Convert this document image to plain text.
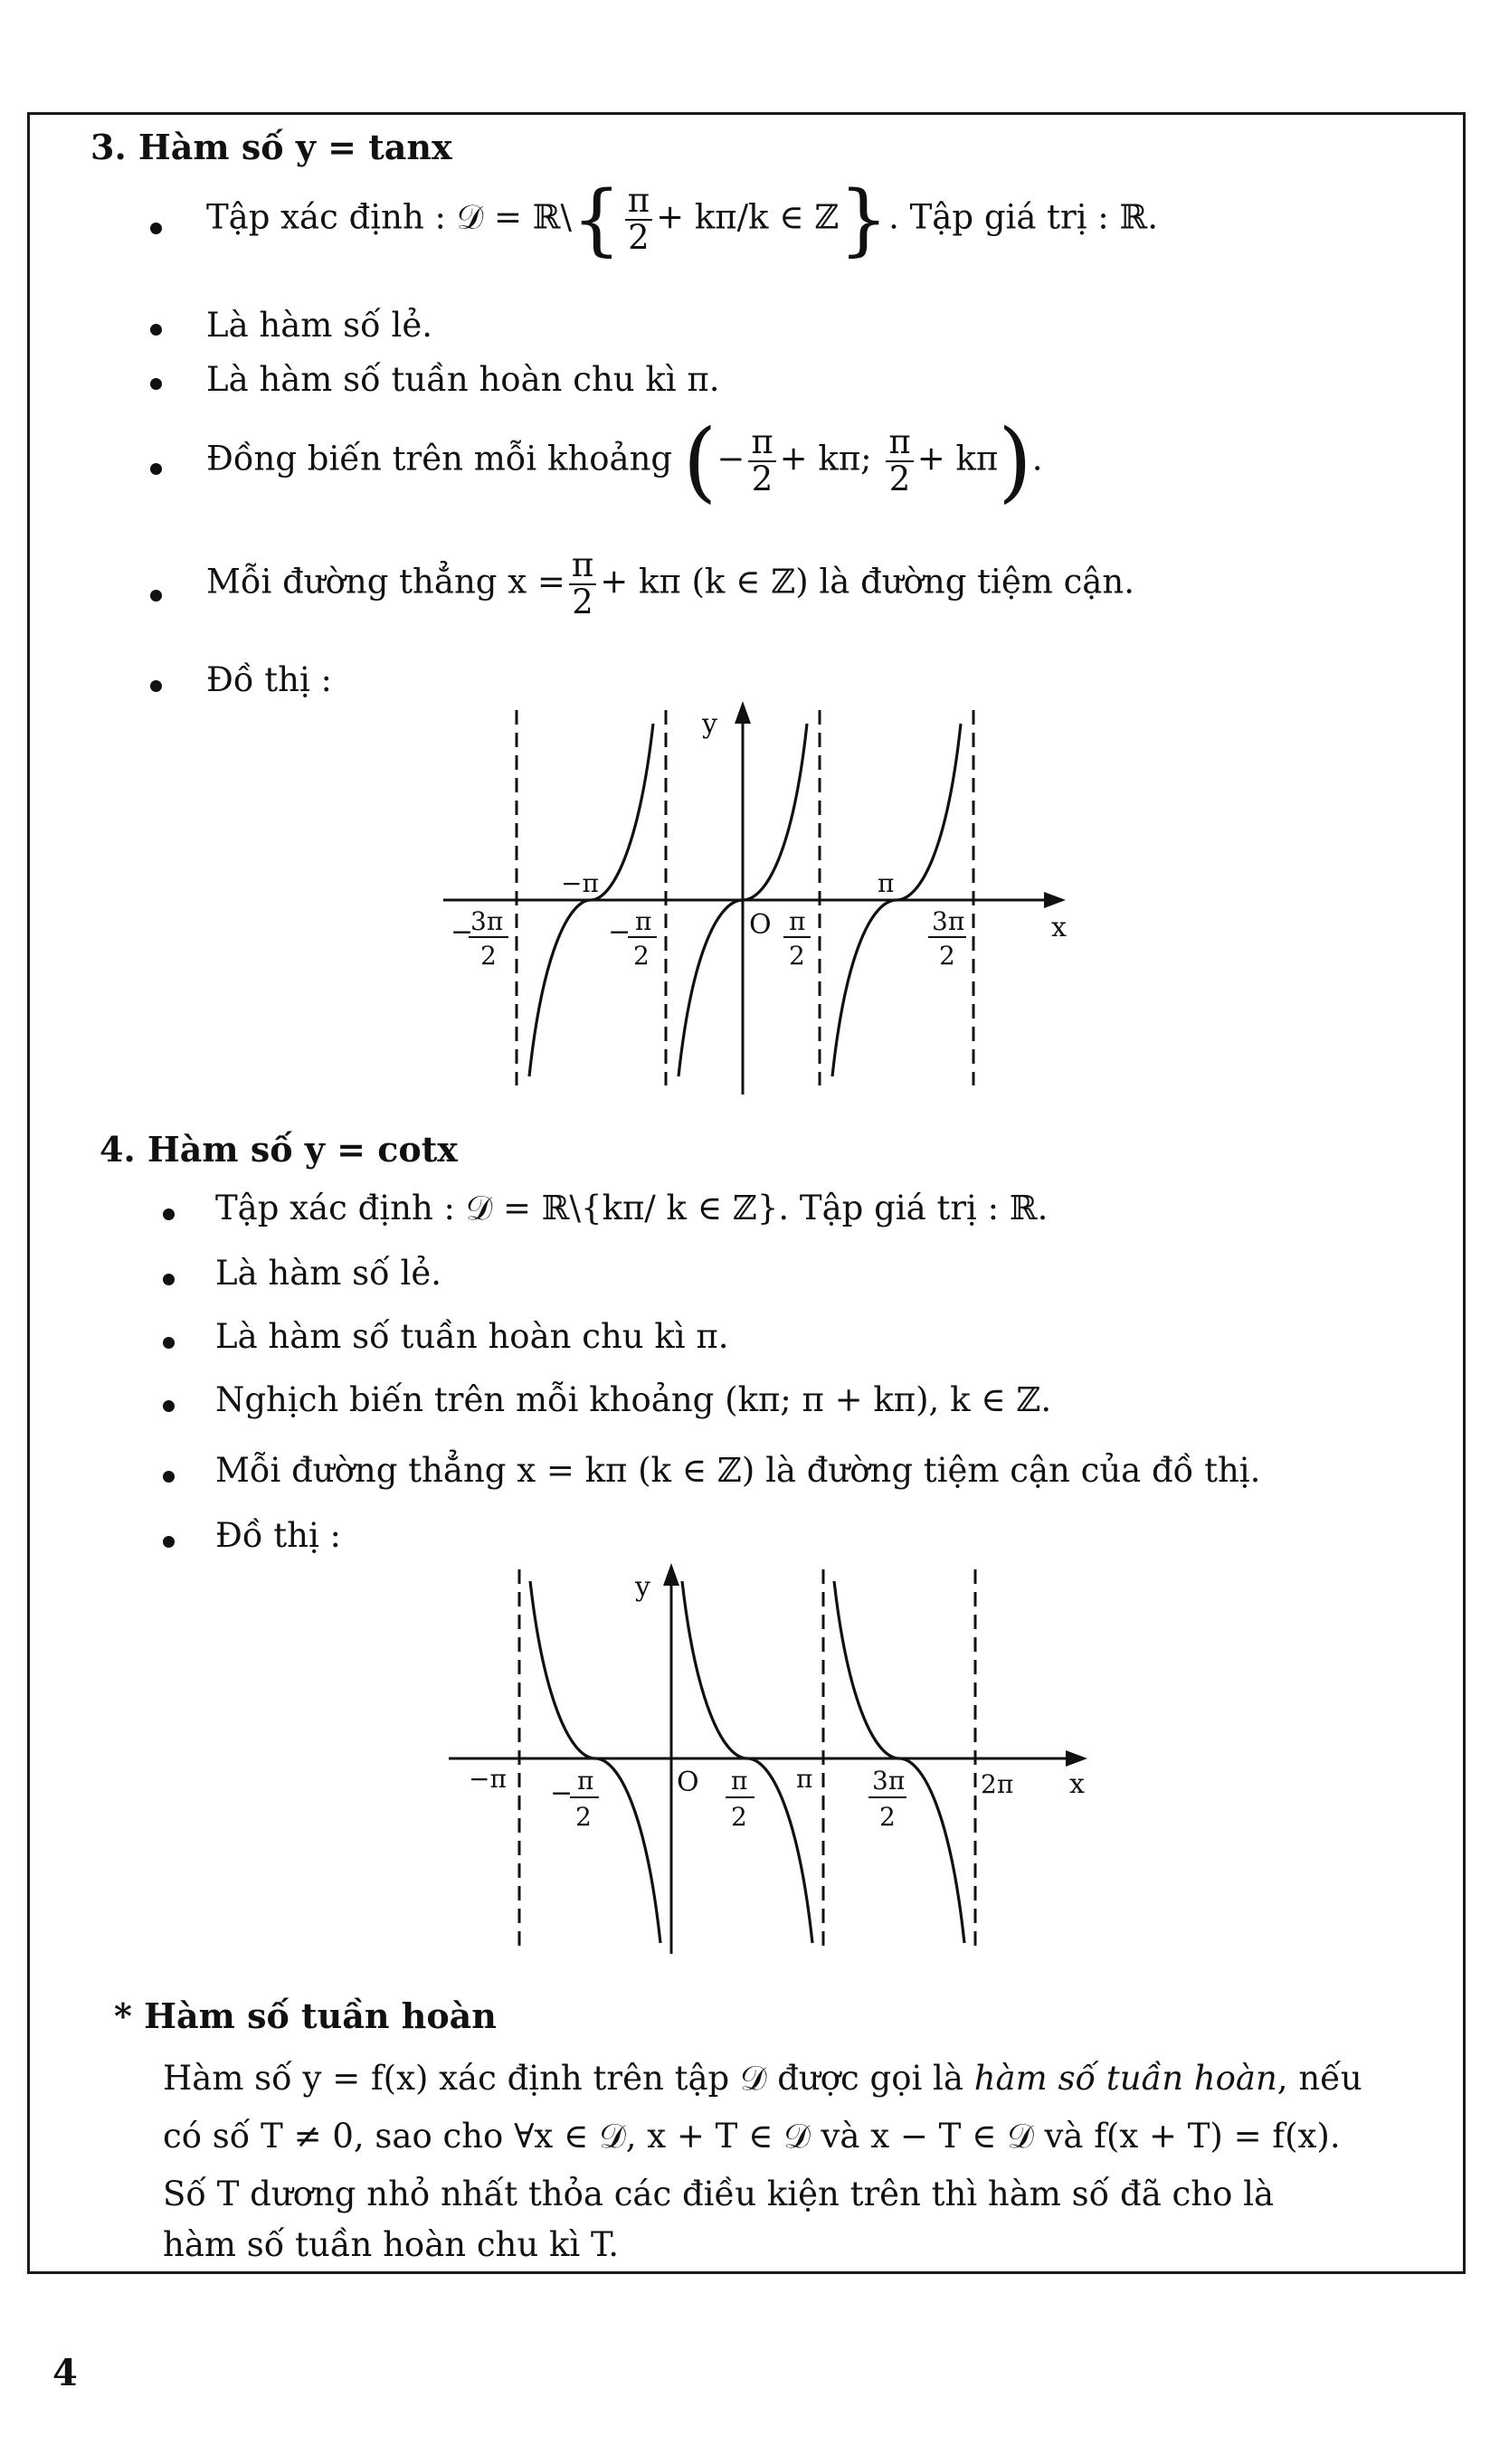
3. Hàm số y = tanx
Tập xác định : 𝒟 = ℝ\{ $\frac{\pi}{2} + k\pi/k$ ∈ ℤ}. Tập giá trị : ℝ.
Là hàm số lẻ.
Là hàm số tuần hoàn chu kì π.
Đồng biến trên mỗi khoảng (− $\frac{\pi}{2} + k\pi$; $\frac{\pi}{2} + k\pi$).
Mỗi đường thẳng $x = \frac{\pi}{2} + k\pi$ (k ∈ ℤ) là đường tiệm cận.
Đồ thị :
y
x
O
−π	π
−
3π
2
− π
2
π
2
3π
2
4. Hàm số y = cotx
Tập xác định : 𝒟 = ℝ\{kπ/ k ∈ ℤ}. Tập giá trị : ℝ.
Là hàm số lẻ.
Là hàm số tuần hoàn chu kì π.
Nghịch biến trên mỗi khoảng (kπ; π + kπ), k ∈ ℤ.
Mỗi đường thẳng x = kπ (k ∈ ℤ) là đường tiệm cận của đồ thị.
Đồ thị :
y
x
O
−π	π	2π
− π
2
π
2
3π
2
* Hàm số tuần hoàn
Hàm số y = f(x) xác định trên tập 𝒟 được gọi là hàm số tuần hoàn, nếu
có số T ≠ 0, sao cho ∀x ∈ 𝒟, x + T ∈ 𝒟 và x − T ∈ 𝒟 và f(x + T) = f(x).
Số T dương nhỏ nhất thỏa các điều kiện trên thì hàm số đã cho là
hàm số tuần hoàn chu kì T.
4
